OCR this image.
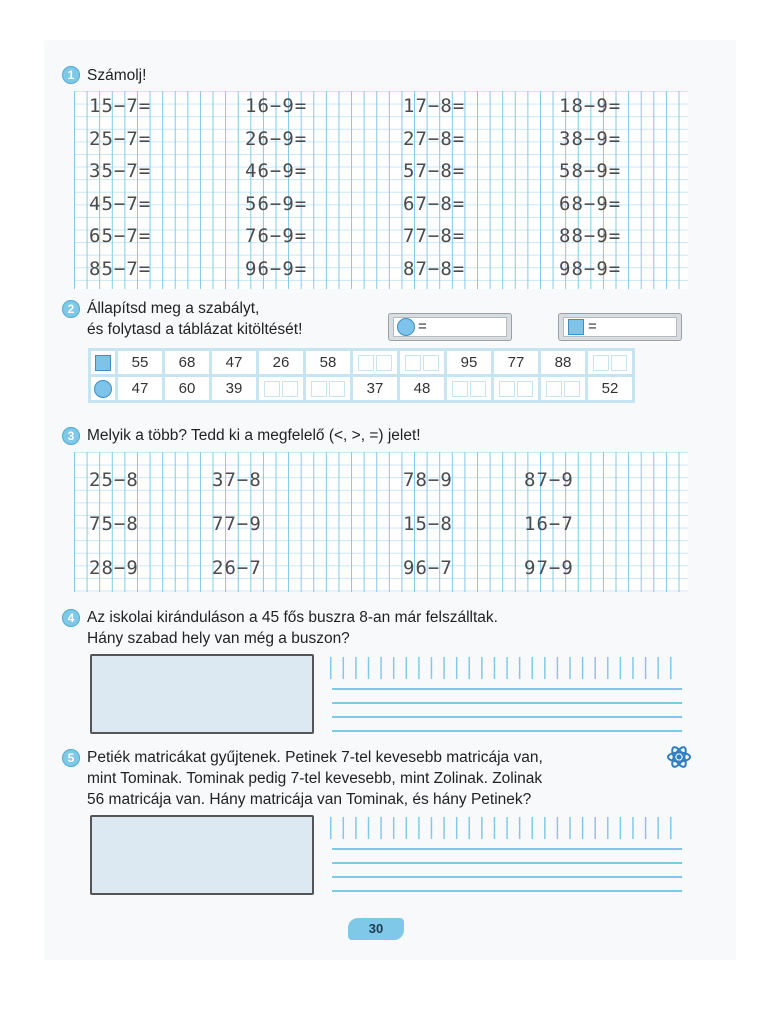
1 Számolj!
15−7=	16−9=	17−8=	18−9=
25−7=	26−9=	27−8=	38−9=
35−7=	46−9=	57−8=	58−9=
45−7=	56−9=	67−8=	68−9=
65−7=	76−9=	77−8=	88−9=
85−7=	96−9=	87−8=	98−9=
2 Állapítsd meg a szabályt,
és folytasd a táblázat kitöltését!	=	=
	55	68	47	26	58			95	77	88	
	47	60	39			37	48				52
3 Melyik a több? Tedd ki a megfelelő (<, >, =) jelet!
25−8	37−8	78−9	87−9
75−8	77−9	15−8	16−7
28−9	26−7	96−7	97−9
4 Az iskolai kiránduláson a 45 fős buszra 8-an már felszálltak.
Hány szabad hely van még a buszon?
5 Petiék matricákat gyűjtenek. Petinek 7-tel kevesebb matricája van,
mint Tominak. Tominak pedig 7-tel kevesebb, mint Zolinak. Zolinak
56 matricája van. Hány matricája van Tominak, és hány Petinek?
30
